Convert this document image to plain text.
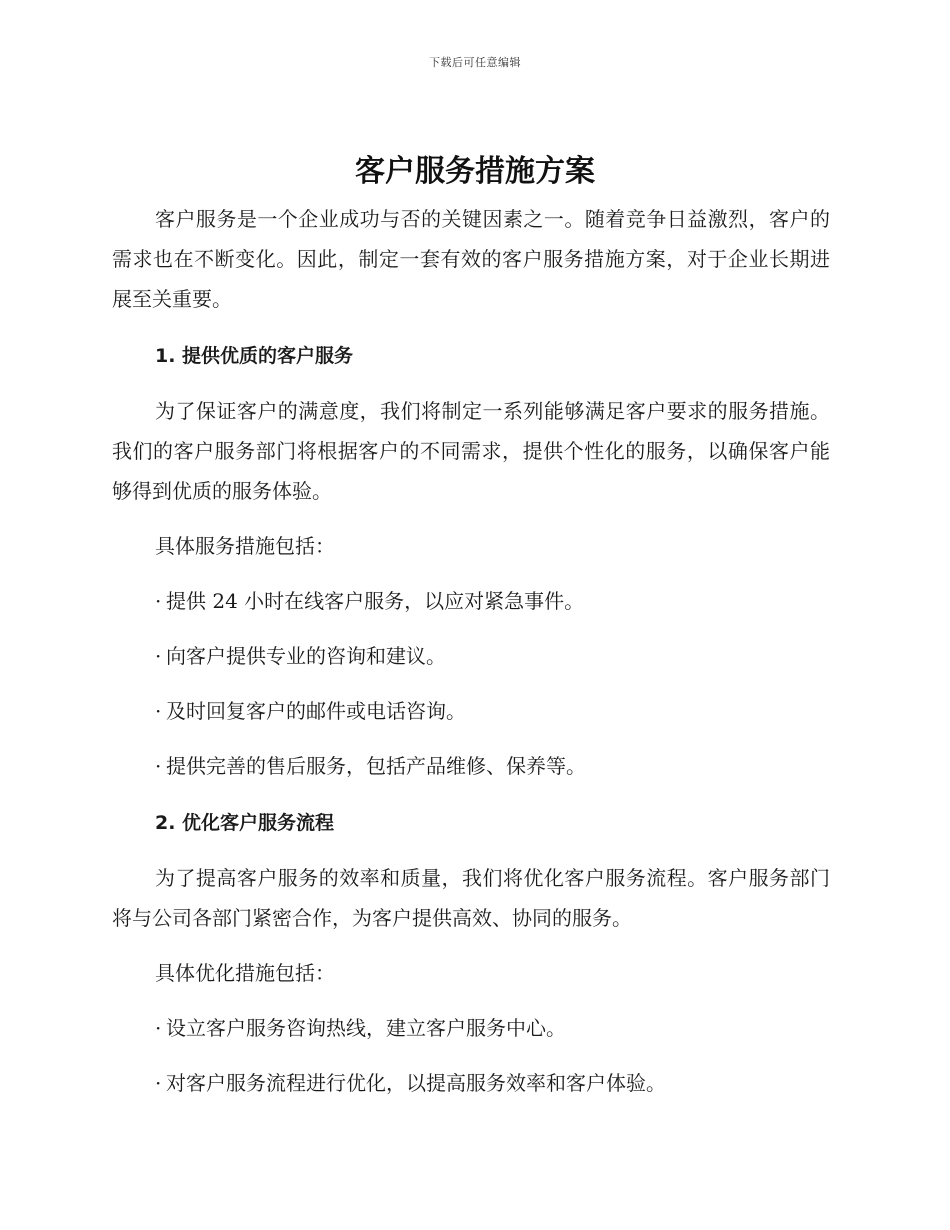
下载后可任意编辑
客户服务措施方案

客户服务是一个企业成功与否的关键因素之一。随着竞争日益激烈，客户的需求也在不断变化。因此，制定一套有效的客户服务措施方案，对于企业长期进展至关重要。

1. 提供优质的客户服务

为了保证客户的满意度，我们将制定一系列能够满足客户要求的服务措施。我们的客户服务部门将根据客户的不同需求，提供个性化的服务，以确保客户能够得到优质的服务体验。

具体服务措施包括：
· 提供 24 小时在线客户服务，以应对紧急事件。
· 向客户提供专业的咨询和建议。
· 及时回复客户的邮件或电话咨询。
· 提供完善的售后服务，包括产品维修、保养等。
2. 优化客户服务流程

为了提高客户服务的效率和质量，我们将优化客户服务流程。客户服务部门将与公司各部门紧密合作，为客户提供高效、协同的服务。

具体优化措施包括：
· 设立客户服务咨询热线，建立客户服务中心。
· 对客户服务流程进行优化，以提高服务效率和客户体验。
